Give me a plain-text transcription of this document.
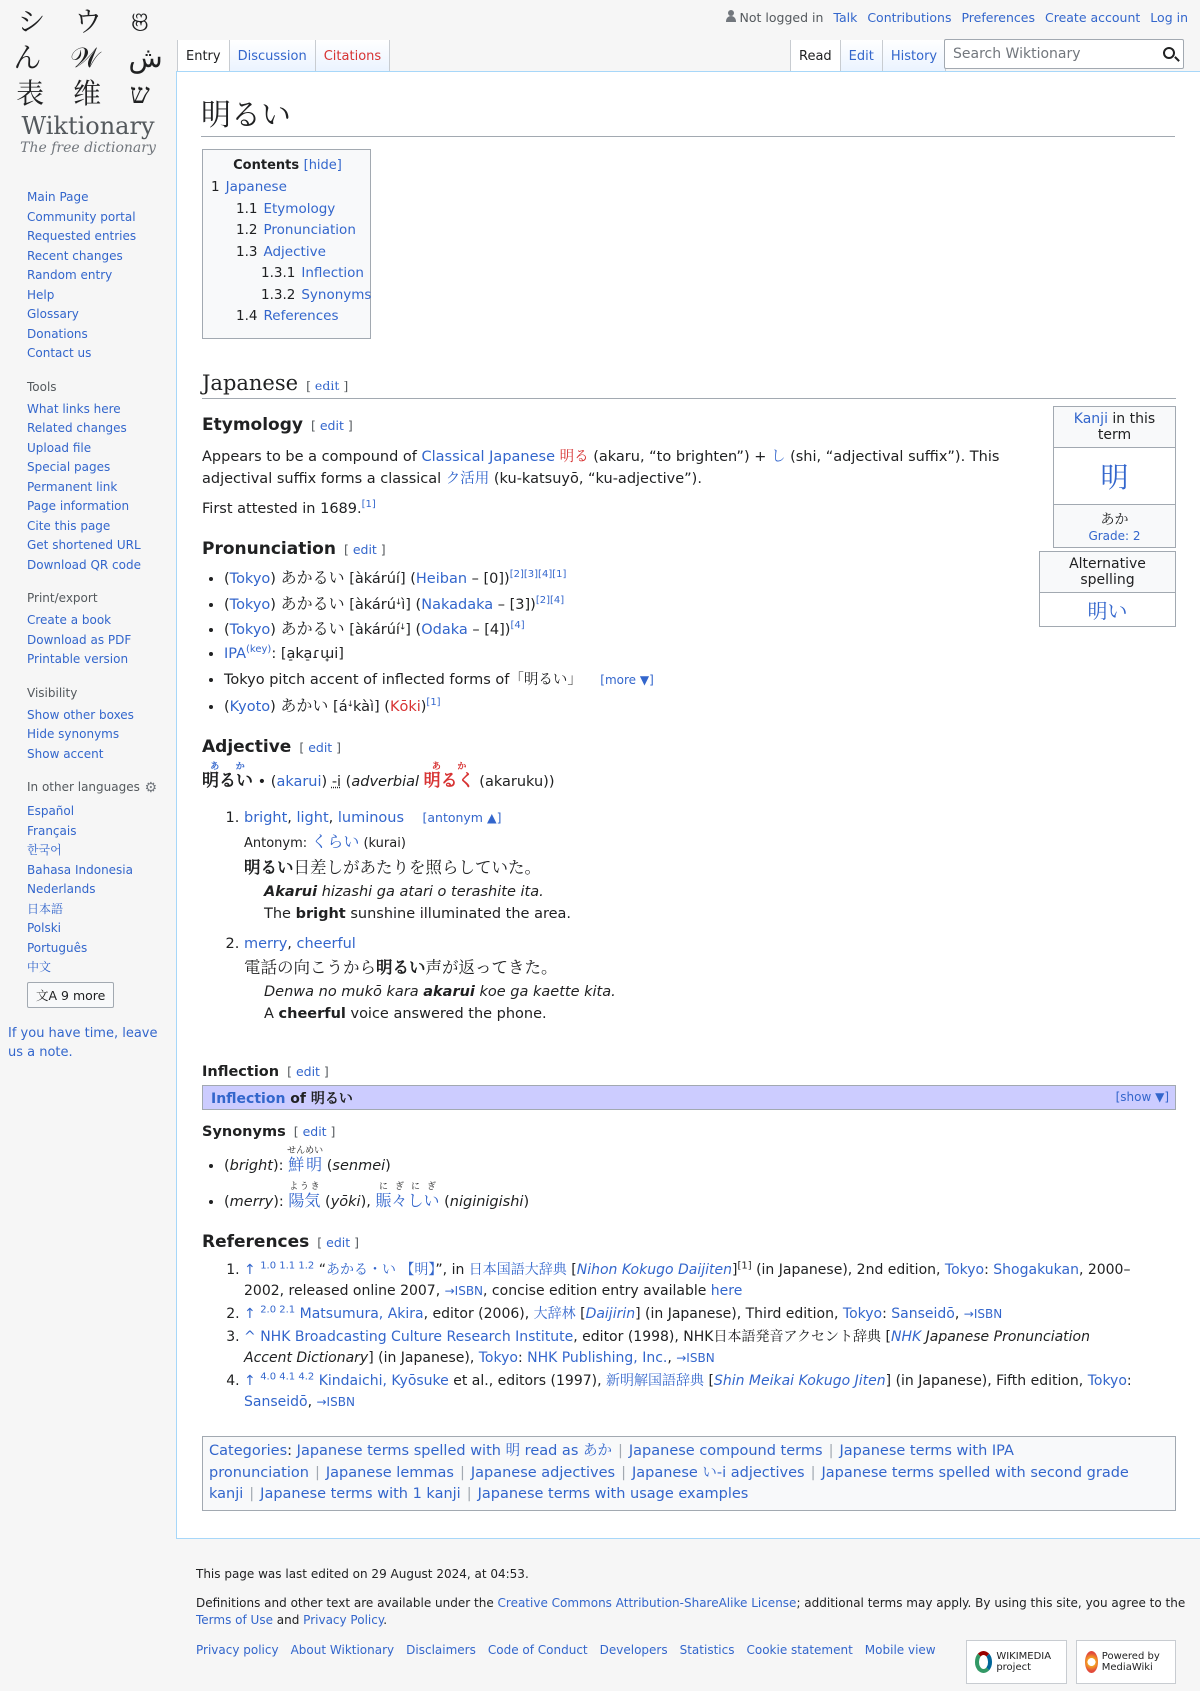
シ ウ ଞ
ん 𝒲 ش
表 维 ש
Wiktionary
The free dictionary
Not logged in Talk Contributions Preferences Create account Log in
Entry	Discussion	Citations	Read	Edit	History
Search Wiktionary
Main Page
Community portal
Requested entries
Recent changes
Random entry
Help
Glossary
Donations
Contact us
Tools
What links here
Related changes
Upload file
Special pages
Permanent link
Page information
Cite this page
Get shortened URL
Download QR code
Print/export
Create a book
Download as PDF
Printable version
Visibility
Show other boxes
Hide synonyms
Show accent
In other languages ⚙
Español
Français
한국어
Bahasa Indonesia
Nederlands
日本語
Polski
Português
中文
文A 9 more
If you have time, leave us a note.
明るい
Contents [hide]
1 Japanese
1.1 Etymology
1.2 Pronunciation
1.3 Adjective
1.3.1 Inflection
1.3.2 Synonyms
1.4 References
Japanese [ edit ]
Kanji in this term
明
あか
Grade: 2
Alternative spelling
明い
Etymology [ edit ]
Appears to be a compound of Classical Japanese 明る (akaru, “to brighten”) + し (shi, “adjectival suffix”). This adjectival suffix forms a classical ク活用 (ku-katsuyō, “ku-adjective”).
First attested in 1689.[1]
Pronunciation [ edit ]
• (Tokyo) あかるい [àkárúí] (Heiban – [0])[2][3][4][1]
• (Tokyo) あかるい [àkárúꜜì] (Nakadaka – [3])[2][4]
• (Tokyo) あかるい [àkárúíꜜ] (Odaka – [4])[4]
• $IPA^{(key)}$: [a̠ka̠ɾɯ̟i]
• Tokyo pitch accent of inflected forms of「明るい」 [more ▼]
• (Kyoto) あかい [áꜜkàì] (Kōki)[1]
Adjective [ edit ]
明るいあか • (akarui) -i (adverbial 明るくあか (akaruku))
1. bright, light, luminous [antonym ▲]
Antonym: くらい (kurai)
明るい日差しがあたりを照らしていた。
Akarui hizashi ga atari o terashite ita.
The bright sunshine illuminated the area.
2. merry, cheerful
電話の向こうから明るい声が返ってきた。
Denwa no mukō kara akarui koe ga kaette kita.
A cheerful voice answered the phone.
Inflection [ edit ]
Inflection of 明るい	[show ▼]
Synonyms [ edit ]
• (bright): 鮮明せんめい (senmei)
• (merry): 陽気ようき (yōki), 賑々しいにぎにぎ (niginigishi)
References [ edit ]
1. ↑ $^{1.0 1.1 1.2}$ “あかる・い 【明】”, in 日本国語大辞典 [Nihon Kokugo Daijiten][1] (in Japanese), 2nd edition, Tokyo: Shogakukan, 2000–2002, released online 2007, →ISBN, concise edition entry available here
2. ↑ $^{2.0 2.1}$ Matsumura, Akira, editor (2006), 大辞林 [Daijirin] (in Japanese), Third edition, Tokyo: Sanseidō, →ISBN
3. ^ NHK Broadcasting Culture Research Institute, editor (1998), NHK日本語発音アクセント辞典 [NHK Japanese Pronunciation Accent Dictionary] (in Japanese), Tokyo: NHK Publishing, Inc., →ISBN
4. ↑ $^{4.0 4.1 4.2}$ Kindaichi, Kyōsuke et al., editors (1997), 新明解国語辞典 [Shin Meikai Kokugo Jiten] (in Japanese), Fifth edition, Tokyo: Sanseidō, →ISBN
Categories: Japanese terms spelled with 明 read as あか | Japanese compound terms | Japanese terms with IPA pronunciation | Japanese lemmas | Japanese adjectives | Japanese い-i adjectives | Japanese terms spelled with second grade kanji | Japanese terms with 1 kanji | Japanese terms with usage examples

This page was last edited on 29 August 2024, at 04:53.

Definitions and other text are available under the Creative Commons Attribution-ShareAlike License; additional terms may apply. By using this site, you agree to the Terms of Use and Privacy Policy.

Privacy policy About Wiktionary Disclaimers Code of Conduct Developers Statistics Cookie statement Mobile view	WIKIMEDIA project
Powered by MediaWiki
